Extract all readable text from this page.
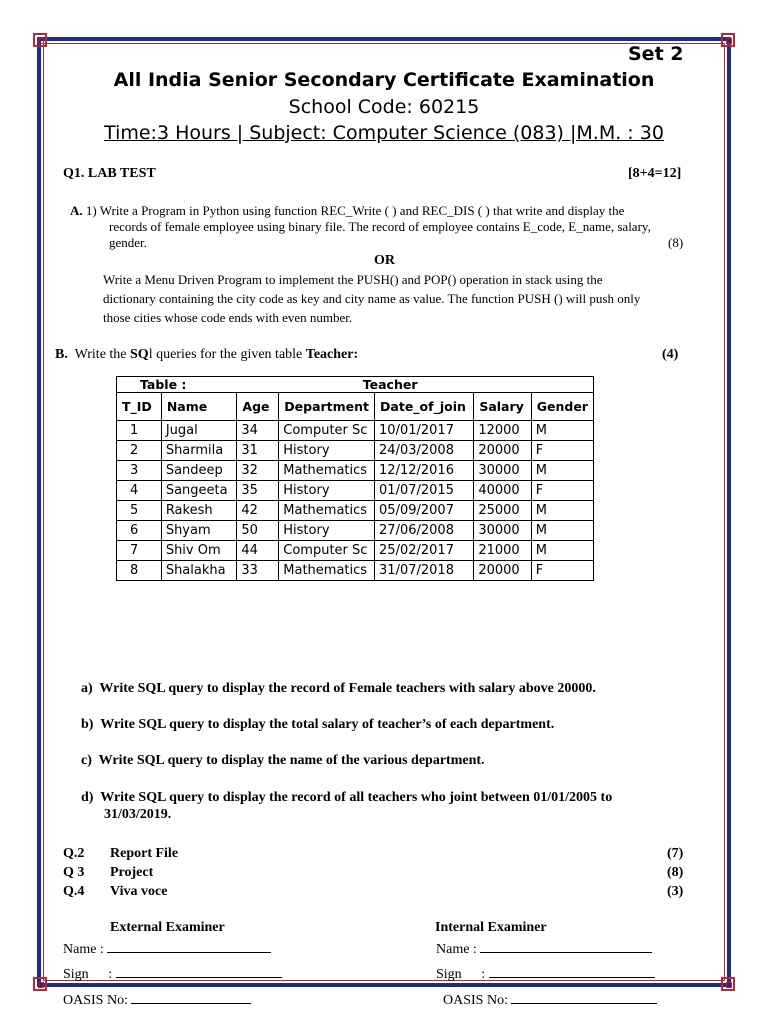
Set 2
All India Senior Secondary Certificate Examination
School Code: 60215
Time:3 Hours | Subject: Computer Science (083) |M.M. : 30
Q1. LAB TEST	[8+4=12]
A. 1) Write a Program in Python using function REC_Write ( ) and REC_DIS ( ) that write and display the
records of female employee using binary file. The record of employee contains E_code, E_name, salary,
gender.	(8)
OR
Write a Menu Driven Program to implement the PUSH() and POP() operation in stack using the
dictionary containing the city code as key and city name as value. The function PUSH () will push only
those cities whose code ends with even number.
B. Write the SQl queries for the given table Teacher:	(4)
Table : Teacher						
T_ID	Name	Age	Department	Date_of_join	Salary	Gender
1	Jugal	34	Computer Sc	10/01/2017	12000	M
2	Sharmila	31	History	24/03/2008	20000	F
3	Sandeep	32	Mathematics	12/12/2016	30000	M
4	Sangeeta	35	History	01/07/2015	40000	F
5	Rakesh	42	Mathematics	05/09/2007	25000	M
6	Shyam	50	History	27/06/2008	30000	M
7	Shiv Om	44	Computer Sc	25/02/2017	21000	M
8	Shalakha	33	Mathematics	31/07/2018	20000	F
a) Write SQL query to display the record of Female teachers with salary above 20000.
b) Write SQL query to display the total salary of teacher’s of each department.
c) Write SQL query to display the name of the various department.
d) Write SQL query to display the record of all teachers who joint between 01/01/2005 to
31/03/2019.
Q.2 Report File	(7)
Q 3 Project	(8)
Q.4 Viva voce	(3)
External Examiner	Internal Examiner
Name :	Name :
Sign :	Sign :
OASIS No:	OASIS No:
